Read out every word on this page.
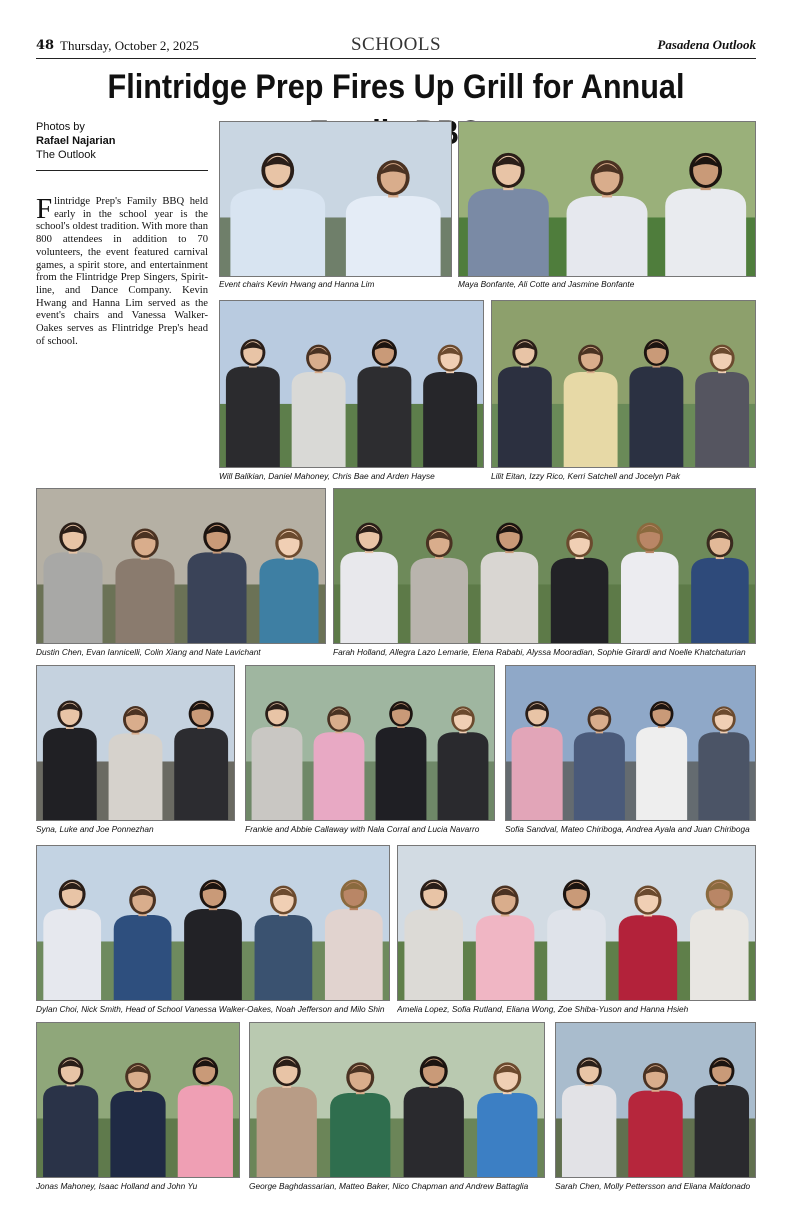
48 Thursday, October 2, 2025	SCHOOLS	Pasadena Outlook
Flintridge Prep Fires Up Grill for Annual
Photos by
Rafael Najarian
The Outlook
Flintridge Prep's Family BBQ held early in the school year is the school's oldest tradition. With more than 800 attendees in addition to 70 volunteers, the event featured carnival games, a spirit store, and entertainment from the Flintridge Prep Singers, Spirit-line, and Dance Company. Kevin Hwang and Hanna Lim served as the event's chairs and Vanessa Walker-Oakes serves as Flintridge Prep's head of school.
Event chairs Kevin Hwang and Hanna Lim	Maya Bonfante, Ali Cotte and Jasmine Bonfante
Will Balikian, Daniel Mahoney, Chris Bae and Arden Hayse	Lilit Eitan, Izzy Rico, Kerri Satchell and Jocelyn Pak
Dustin Chen, Evan Iannicelli, Colin Xiang and Nate Lavichant	Farah Holland, Allegra Lazo Lemarie, Elena Rababi, Alyssa Mooradian, Sophie Girardi and Noelle Khatchaturian
Syna, Luke and Joe Ponnezhan	Frankie and Abbie Callaway with Nala Corral and Lucia Navarro	Sofia Sandval, Mateo Chiriboga, Andrea Ayala and Juan Chiriboga
Dylan Choi, Nick Smith, Head of School Vanessa Walker-Oakes, Noah Jefferson and Milo Shin	Amelia Lopez, Sofia Rutland, Eliana Wong, Zoe Shiba-Yuson and Hanna Hsieh
Jonas Mahoney, Isaac Holland and John Yu	George Baghdassarian, Matteo Baker, Nico Chapman and Andrew Battaglia	Sarah Chen, Molly Pettersson and Eliana Maldonado
